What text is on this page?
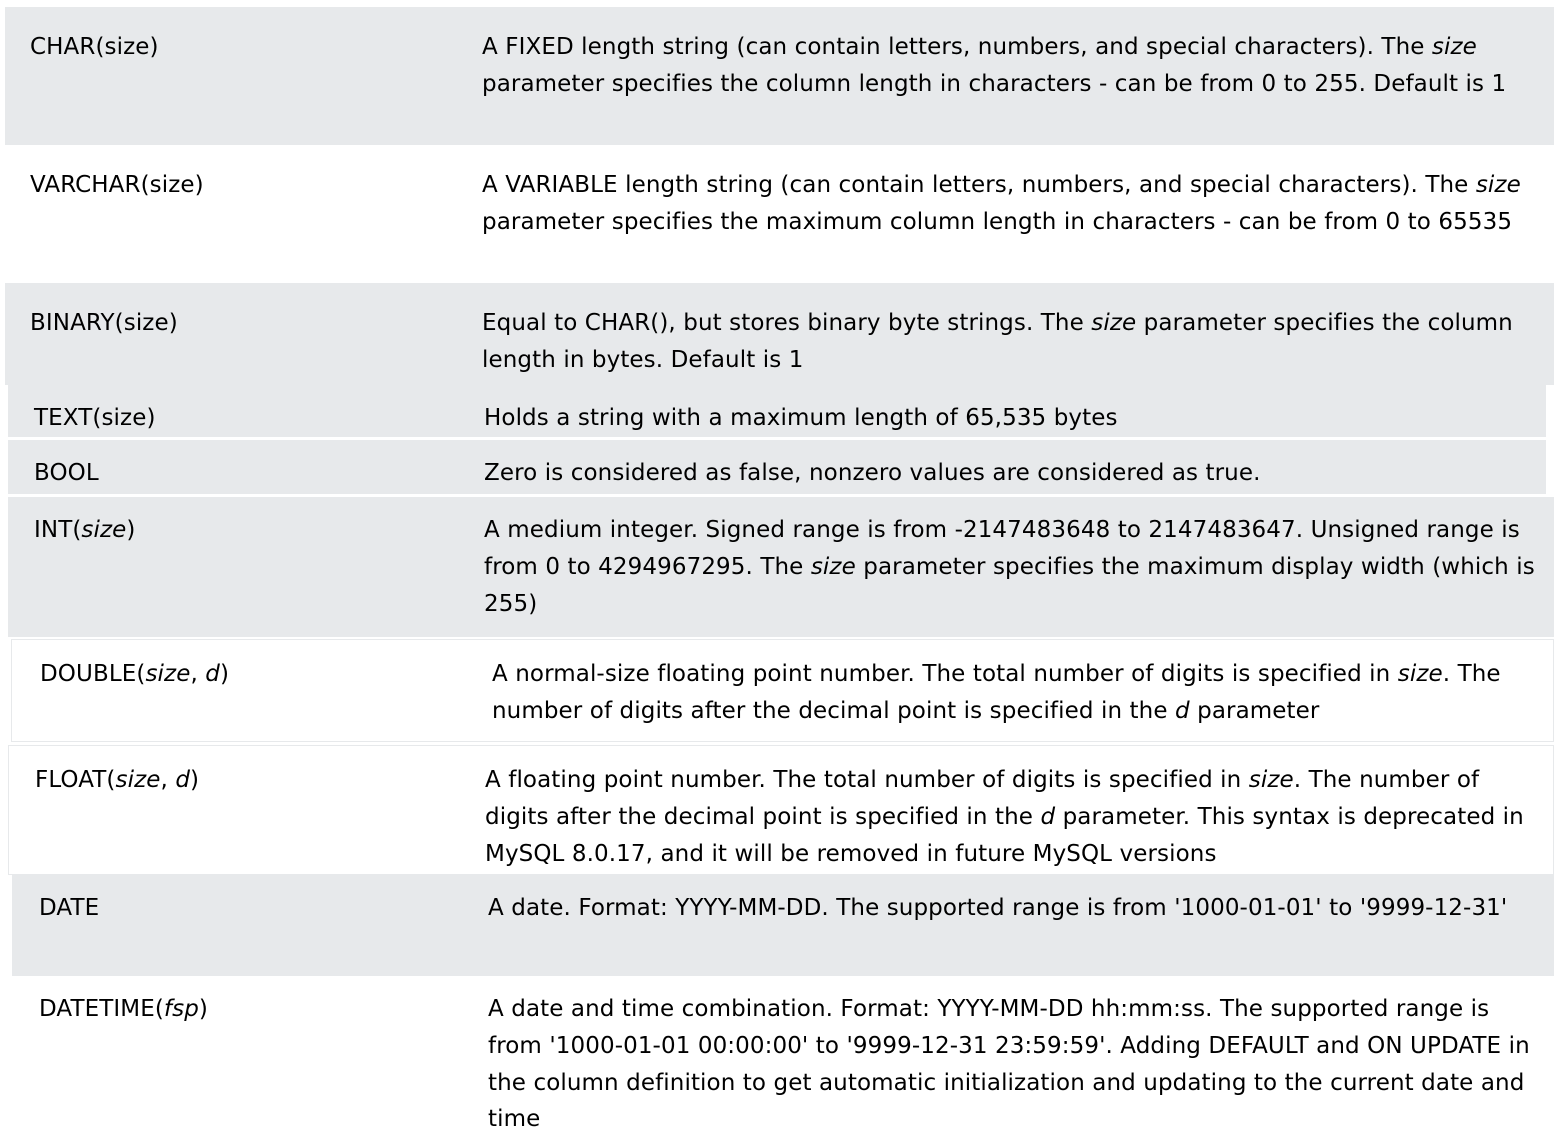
CHAR(size)	A FIXED length string (can contain letters, numbers, and special characters). The size parameter specifies the column length in characters - can be from 0 to 255. Default is 1
VARCHAR(size)	A VARIABLE length string (can contain letters, numbers, and special characters). The size parameter specifies the maximum column length in characters - can be from 0 to 65535
BINARY(size)	Equal to CHAR(), but stores binary byte strings. The size parameter specifies the column length in bytes. Default is 1
TEXT(size)	Holds a string with a maximum length of 65,535 bytes
BOOL	Zero is considered as false, nonzero values are considered as true.
INT(size)	A medium integer. Signed range is from -2147483648 to 2147483647. Unsigned range is from 0 to 4294967295. The size parameter specifies the maximum display width (which is 255)
DOUBLE(size, d)	A normal-size floating point number. The total number of digits is specified in size. The number of digits after the decimal point is specified in the d parameter
FLOAT(size, d)	A floating point number. The total number of digits is specified in size. The number of digits after the decimal point is specified in the d parameter. This syntax is deprecated in MySQL 8.0.17, and it will be removed in future MySQL versions
DATE	A date. Format: YYYY-MM-DD. The supported range is from '1000-01-01' to '9999-12-31'
DATETIME(fsp)	A date and time combination. Format: YYYY-MM-DD hh:mm:ss. The supported range is from '1000-01-01 00:00:00' to '9999-12-31 23:59:59'. Adding DEFAULT and ON UPDATE in the column definition to get automatic initialization and updating to the current date and time
